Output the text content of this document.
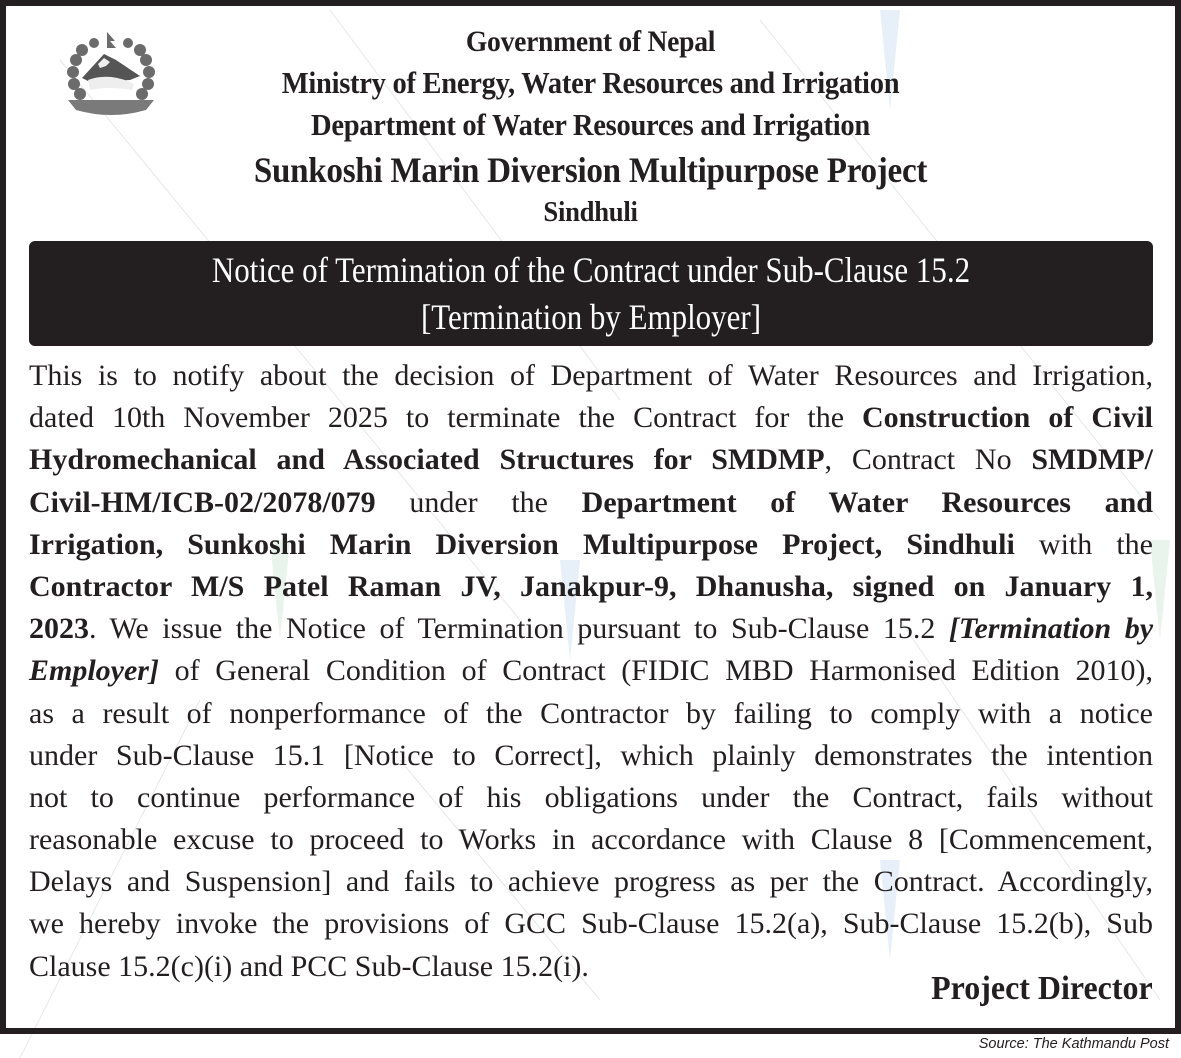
Government of Nepal
Ministry of Energy, Water Resources and Irrigation
Department of Water Resources and Irrigation
Sunkoshi Marin Diversion Multipurpose Project
Sindhuli
Notice of Termination of the Contract under Sub-Clause 15.2
[Termination by Employer]
This is to notify about the decision of Department of Water Resources and Irrigation,
dated 10th November 2025 to terminate the Contract for the Construction of Civil
Hydromechanical and Associated Structures for SMDMP, Contract No SMDMP/
Civil-HM/ICB-02/2078/079 under the Department of Water Resources and
Irrigation, Sunkoshi Marin Diversion Multipurpose Project, Sindhuli with the
Contractor M/S Patel Raman JV, Janakpur-9, Dhanusha, signed on January 1,
2023. We issue the Notice of Termination pursuant to Sub-Clause 15.2 [Termination by
Employer] of General Condition of Contract (FIDIC MBD Harmonised Edition 2010),
as a result of nonperformance of the Contractor by failing to comply with a notice
under Sub-Clause 15.1 [Notice to Correct], which plainly demonstrates the intention
not to continue performance of his obligations under the Contract, fails without
reasonable excuse to proceed to Works in accordance with Clause 8 [Commencement,
Delays and Suspension] and fails to achieve progress as per the Contract. Accordingly,
we hereby invoke the provisions of GCC Sub-Clause 15.2(a), Sub-Clause 15.2(b), Sub
Clause 15.2(c)(i) and PCC Sub-Clause 15.2(i).
Project Director
Source: The Kathmandu Post
